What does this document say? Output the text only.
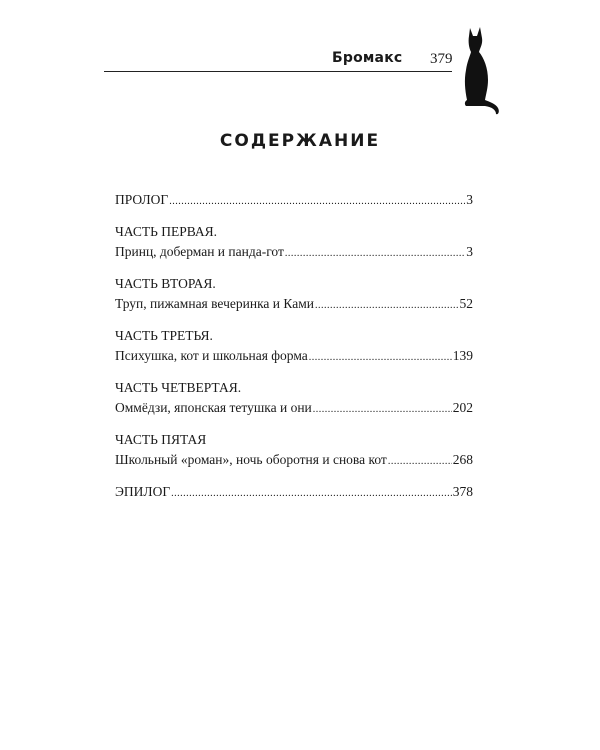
Бромакс 379
СОДЕРЖАНИЕ
ПРОЛОГ .....	3
ЧАСТЬ ПЕРВАЯ.
Принц, доберман и панда-гот .....	3
ЧАСТЬ ВТОРАЯ.
Труп, пижамная вечеринка и Ками .....	52
ЧАСТЬ ТРЕТЬЯ.
Психушка, кот и школьная форма .....	139
ЧАСТЬ ЧЕТВЕРТАЯ.
Оммёдзи, японская тетушка и они .....	202
ЧАСТЬ ПЯТАЯ
Школьный «роман», ночь оборотня и снова кот .....	268
ЭПИЛОГ .....	378
